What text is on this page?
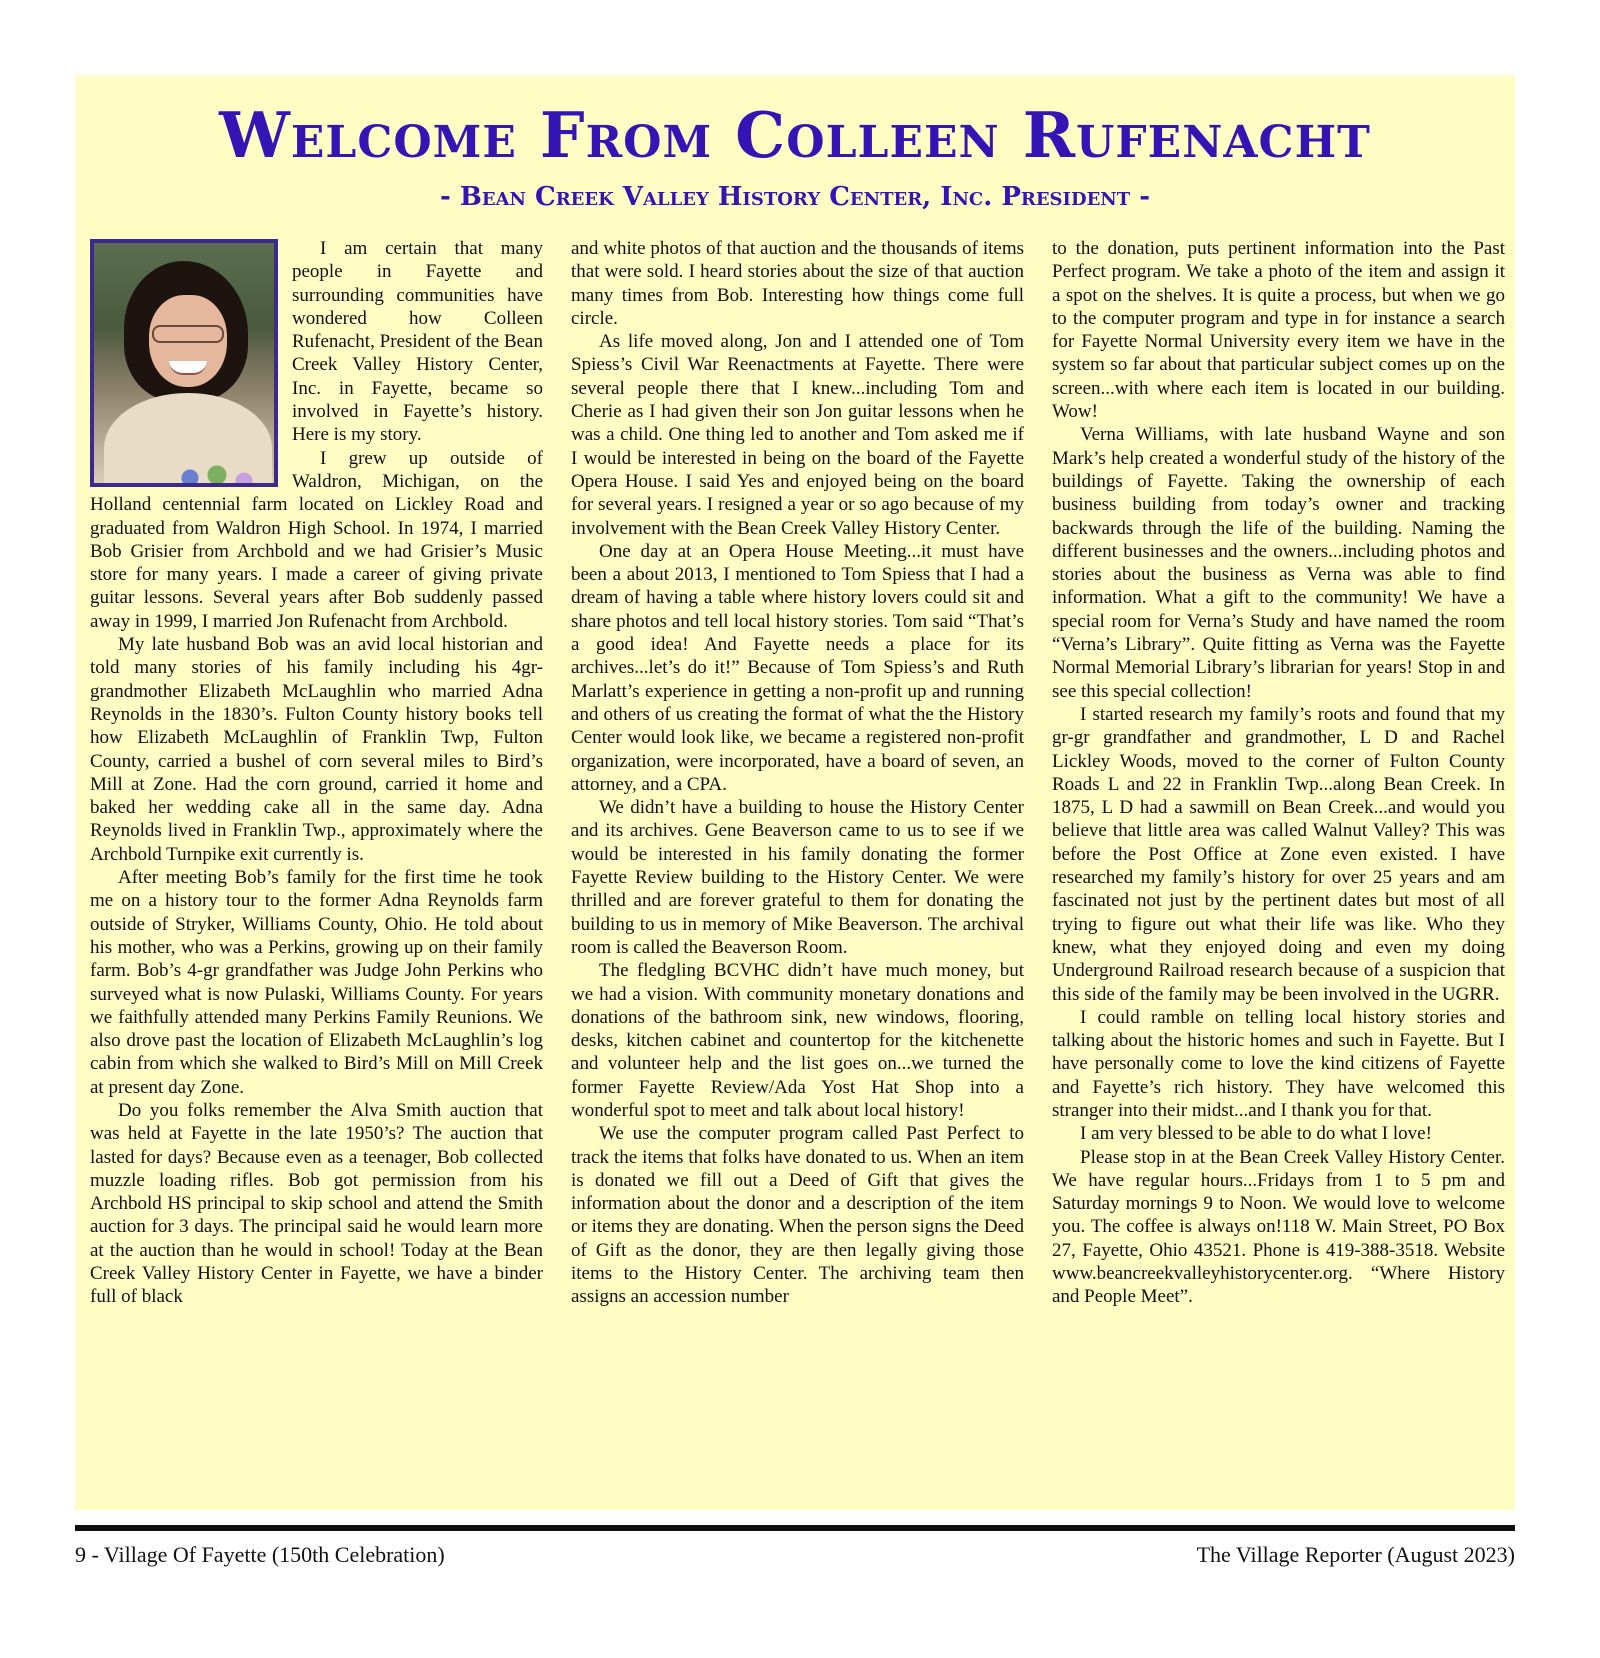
Welcome From Colleen Rufenacht
- Bean Creek Valley History Center, Inc. President -

I am certain that many people in Fayette and surrounding communities have wondered how Colleen Rufenacht, President of the Bean Creek Valley History Center, Inc. in Fayette, became so involved in Fayette’s history. Here is my story.

I grew up outside of Waldron, Michigan, on the Holland centennial farm located on Lickley Road and graduated from Waldron High School. In 1974, I married Bob Grisier from Archbold and we had Grisier’s Music store for many years. I made a career of giving private guitar lessons. Several years after Bob suddenly passed away in 1999, I married Jon Rufenacht from Archbold.

My late husband Bob was an avid local historian and told many stories of his family including his 4gr- grandmother Elizabeth McLaughlin who married Adna Reynolds in the 1830’s. Fulton County history books tell how Elizabeth McLaughlin of Franklin Twp, Fulton County, carried a bushel of corn several miles to Bird’s Mill at Zone. Had the corn ground, carried it home and baked her wedding cake all in the same day. Adna Reynolds lived in Franklin Twp., approximately where the Archbold Turnpike exit currently is.

After meeting Bob’s family for the first time he took me on a history tour to the former Adna Reynolds farm outside of Stryker, Williams County, Ohio. He told about his mother, who was a Perkins, growing up on their family farm. Bob’s 4-gr grandfather was Judge John Perkins who surveyed what is now Pulaski, Williams County. For years we faithfully attended many Perkins Family Reunions. We also drove past the location of Elizabeth McLaughlin’s log cabin from which she walked to Bird’s Mill on Mill Creek at present day Zone.

Do you folks remember the Alva Smith auction that was held at Fayette in the late 1950’s? The auction that lasted for days? Because even as a teenager, Bob collected muzzle loading rifles. Bob got permission from his Archbold HS principal to skip school and attend the Smith auction for 3 days. The principal said he would learn more at the auction than he would in school! Today at the Bean Creek Valley History Center in Fayette, we have a binder full of black

and white photos of that auction and the thousands of items that were sold. I heard stories about the size of that auction many times from Bob. Interesting how things come full circle.

As life moved along, Jon and I attended one of Tom Spiess’s Civil War Reenactments at Fayette. There were several people there that I knew...including Tom and Cherie as I had given their son Jon guitar lessons when he was a child. One thing led to another and Tom asked me if I would be interested in being on the board of the Fayette Opera House. I said Yes and enjoyed being on the board for several years. I resigned a year or so ago because of my involvement with the Bean Creek Valley History Center.

One day at an Opera House Meeting...it must have been a about 2013, I mentioned to Tom Spiess that I had a dream of having a table where history lovers could sit and share photos and tell local history stories. Tom said “That’s a good idea! And Fayette needs a place for its archives...let’s do it!” Because of Tom Spiess’s and Ruth Marlatt’s experience in getting a non-profit up and running and others of us creating the format of what the the History Center would look like, we became a registered non-profit organization, were incorporated, have a board of seven, an attorney, and a CPA.

We didn’t have a building to house the History Center and its archives. Gene Beaverson came to us to see if we would be interested in his family donating the former Fayette Review building to the History Center. We were thrilled and are forever grateful to them for donating the building to us in memory of Mike Beaverson. The archival room is called the Beaverson Room.

The fledgling BCVHC didn’t have much money, but we had a vision. With community monetary donations and donations of the bathroom sink, new windows, flooring, desks, kitchen cabinet and countertop for the kitchenette and volunteer help and the list goes on...we turned the former Fayette Review/Ada Yost Hat Shop into a wonderful spot to meet and talk about local history!

We use the computer program called Past Perfect to track the items that folks have donated to us. When an item is donated we fill out a Deed of Gift that gives the information about the donor and a description of the item or items they are donating. When the person signs the Deed of Gift as the donor, they are then legally giving those items to the History Center. The archiving team then assigns an accession number

to the donation, puts pertinent information into the Past Perfect program. We take a photo of the item and assign it a spot on the shelves. It is quite a process, but when we go to the computer program and type in for instance a search for Fayette Normal University every item we have in the system so far about that particular subject comes up on the screen...with where each item is located in our building. Wow!

Verna Williams, with late husband Wayne and son Mark’s help created a wonderful study of the history of the buildings of Fayette. Taking the ownership of each business building from today’s owner and tracking backwards through the life of the building. Naming the different businesses and the owners...including photos and stories about the business as Verna was able to find information. What a gift to the community! We have a special room for Verna’s Study and have named the room “Verna’s Library”. Quite fitting as Verna was the Fayette Normal Memorial Library’s librarian for years! Stop in and see this special collection!

I started research my family’s roots and found that my gr-gr grandfather and grandmother, L D and Rachel Lickley Woods, moved to the corner of Fulton County Roads L and 22 in Franklin Twp...along Bean Creek. In 1875, L D had a sawmill on Bean Creek...and would you believe that little area was called Walnut Valley? This was before the Post Office at Zone even existed. I have researched my family’s history for over 25 years and am fascinated not just by the pertinent dates but most of all trying to figure out what their life was like. Who they knew, what they enjoyed doing and even my doing Underground Railroad research because of a suspicion that this side of the family may be been involved in the UGRR.

I could ramble on telling local history stories and talking about the historic homes and such in Fayette. But I have personally come to love the kind citizens of Fayette and Fayette’s rich history. They have welcomed this stranger into their midst...and I thank you for that.

I am very blessed to be able to do what I love!

Please stop in at the Bean Creek Valley History Center. We have regular hours...Fridays from 1 to 5 pm and Saturday mornings 9 to Noon. We would love to welcome you. The coffee is always on!118 W. Main Street, PO Box 27, Fayette, Ohio 43521. Phone is 419-388-3518. Website www.beancreekvalleyhistorycenter.org. “Where History and People Meet”.

9 - Village Of Fayette (150th Celebration)	The Village Reporter (August 2023)
